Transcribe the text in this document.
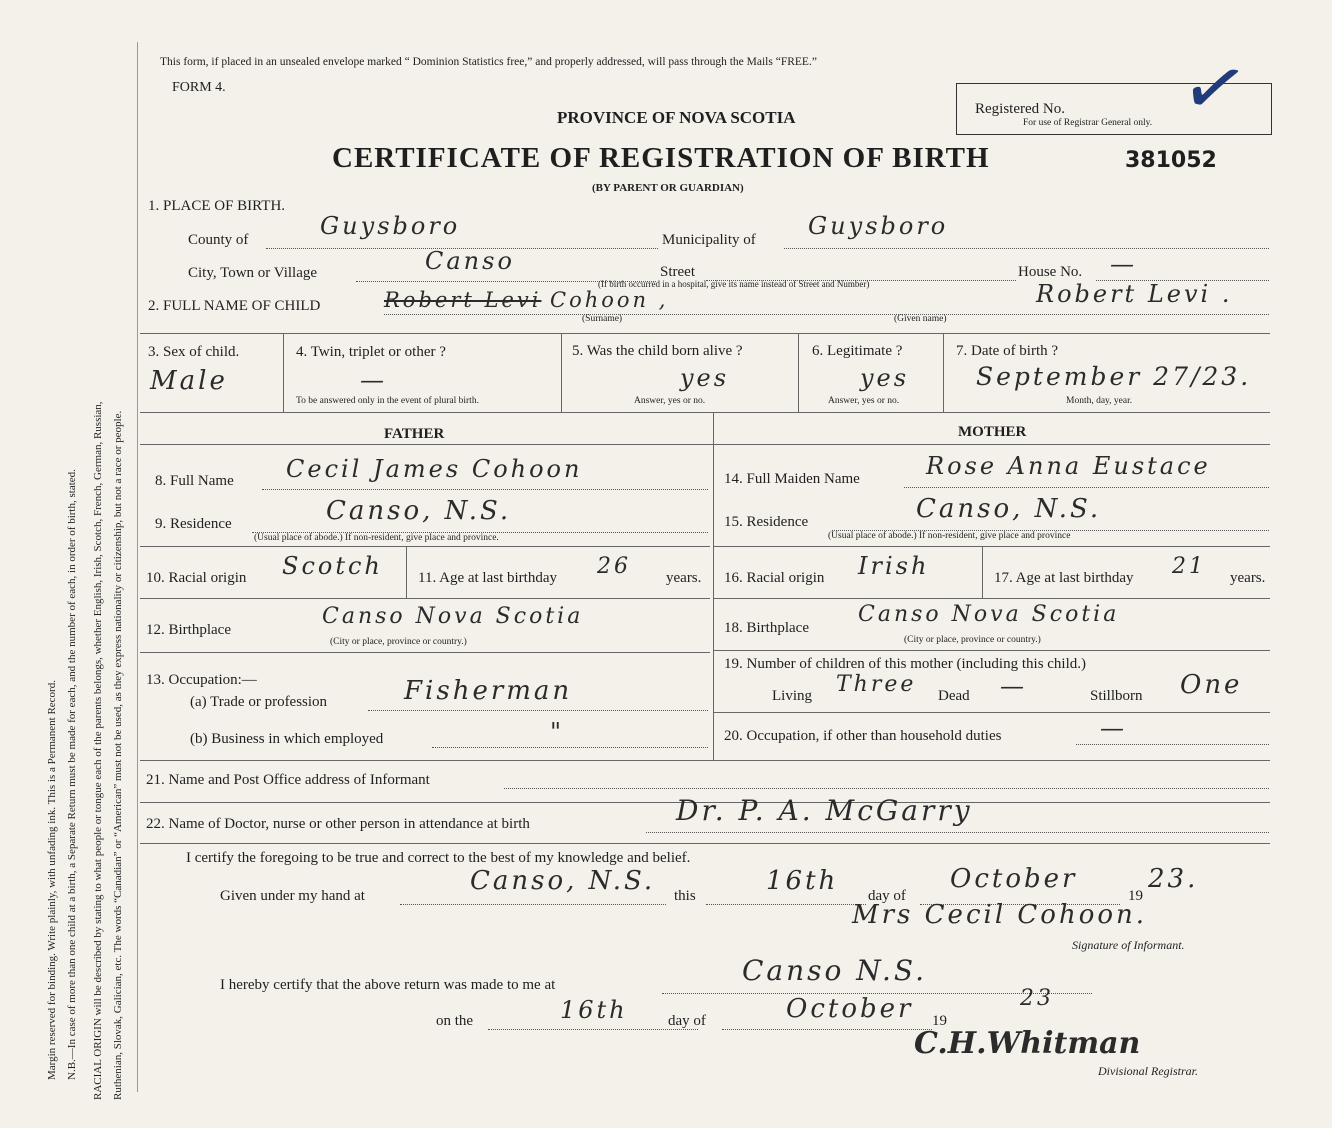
Margin reserved for binding. Write plainly, with unfading ink. This is a Permanent Record. N.B.—In case of more than one child at a birth, a Separate Return must be made for each, and the number of each, in order of birth, stated. RACIAL ORIGIN will be described by stating to what people or tongue each of the parents belongs, whether English, Irish, Scotch, French, German, Russian, Ruthenian, Slovak, Galician, etc. The words “Canadian” or “American” must not be used, as they express nationality or citizenship, but not a race or people.
This form, if placed in an unsealed envelope marked “ Dominion Statistics free,” and properly addressed, will pass through the Mails “FREE.”
FORM 4.
PROVINCE OF NOVA SCOTIA	Registered No.
For use of Registrar General only. ✓
CERTIFICATE OF REGISTRATION OF BIRTH	381052
(BY PARENT OR GUARDIAN)
1. PLACE OF BIRTH.
County of	Guysboro	Municipality of Guysboro
City, Town or Village	Canso	Street
(If birth occurred in a hospital, give its name instead of Street and Number)
House No. —
2. FULL NAME OF CHILD	Robert Levi Cohoon ,
(Surname)
Robert Levi .
(Given name)
3. Sex of child.
Male
4. Twin, triplet or other ?
—
To be answered only in the event of plural birth.
5. Was the child born alive ?
yes
Answer, yes or no.
6. Legitimate ?
yes
Answer, yes or no.
7. Date of birth ?
September 27/23.
Month, day, year.
FATHER	MOTHER
8. Full Name Cecil James Cohoon
9. Residence	Canso, N.S.
(Usual place of abode.) If non-resident, give place and province.
10. Racial origin Scotch 11. Age at last birthday 26 years.
12. Birthplace
Canso Nova Scotia
(City or place, province or country.)
13. Occupation:—
(a) Trade or profession	Fisherman
(b) Business in which employed	"
14. Full Maiden Name	Rose Anna Eustace
15. Residence	Canso, N.S.
(Usual place of abode.) If non-resident, give place and province
16. Racial origin Irish	17. Age at last birthday 21 years.
18. Birthplace
Canso Nova Scotia
(City or place, province or country.)
19. Number of children of this mother (including this child.)
Living Three Dead —	Stillborn One
20. Occupation, if other than household duties	—
21. Name and Post Office address of Informant
22. Name of Doctor, nurse or other person in attendance at birth	Dr. P. A. McGarry
I certify the foregoing to be true and correct to the best of my knowledge and belief.
Given under my hand at	Canso, N.S. this	16th day of
October
19
23.
Mrs Cecil Cohoon.
Signature of Informant.
I hereby certify that the above return was made to me at	Canso N.S.
on the	16th	day of	October 19
23
C.H.Whitman
Divisional Registrar.
